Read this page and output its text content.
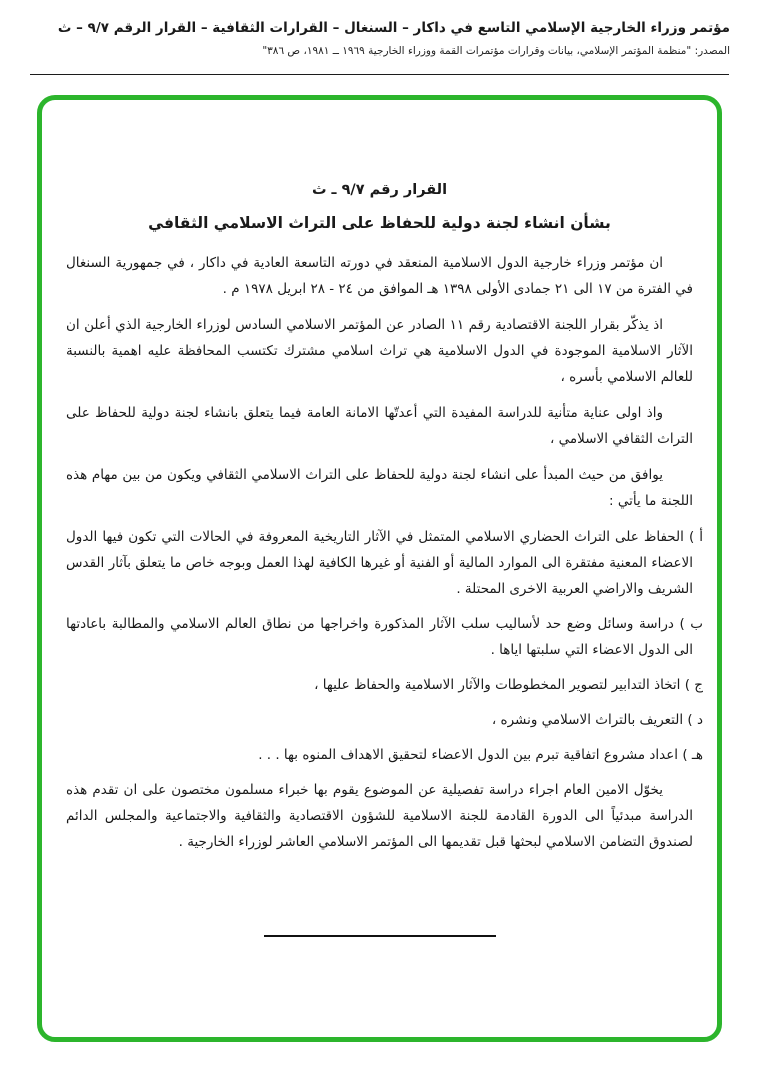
مؤتمر وزراء الخارجية الإسلامي التاسع في داكار – السنغال – القرارات الثقافية – القرار الرقم ٩/٧ – ث
المصدر: "منظمة المؤتمر الإسلامي، بيانات وقرارات مؤتمرات القمة ووزراء الخارجية ١٩٦٩ ــ ١٩٨١، ص ٣٨٦"
القرار رقم ٩/٧ ـ ث
بشأن انشاء لجنة دولية للحفاظ على التراث الاسلامي الثقافي

ان مؤتمر وزراء خارجية الدول الاسلامية المنعقد في دورته التاسعة العادية في داكار ، في جمهورية السنغال في الفترة من ١٧ الى ٢١ جمادى الأولى ١٣٩٨ هـ الموافق من ٢٤ - ٢٨ ابريل ١٩٧٨ م .

اذ يذكّر بقرار اللجنة الاقتصادية رقم ١١ الصادر عن المؤتمر الاسلامي السادس لوزراء الخارجية الذي أعلن ان الآثار الاسلامية الموجودة في الدول الاسلامية هي تراث اسلامي مشترك تكتسب المحافظة عليه اهمية بالنسبة للعالم الاسلامي بأسره ،

واذ اولى عناية متأنية للدراسة المفيدة التي أعدتّها الامانة العامة فيما يتعلق بانشاء لجنة دولية للحفاظ على التراث الثقافي الاسلامي ،

يوافق من حيث المبدأ على انشاء لجنة دولية للحفاظ على التراث الاسلامي الثقافي ويكون من بين مهام هذه اللجنة ما يأتي :

أ ) الحفاظ على التراث الحضاري الاسلامي المتمثل في الآثار التاريخية المعروفة في الحالات التي تكون فيها الدول الاعضاء المعنية مفتقرة الى الموارد المالية أو الفنية أو غيرها الكافية لهذا العمل وبوجه خاص ما يتعلق بآثار القدس الشريف والاراضي العربية الاخرى المحتلة .
ب ) دراسة وسائل وضع حد لأساليب سلب الآثار المذكورة واخراجها من نطاق العالم الاسلامي والمطالبة باعادتها الى الدول الاعضاء التي سلبتها اياها .
ج ) اتخاذ التدابير لتصوير المخطوطات والآثار الاسلامية والحفاظ عليها ،
د ) التعريف بالتراث الاسلامي ونشره ،
هـ ) اعداد مشروع اتفاقية تبرم بين الدول الاعضاء لتحقيق الاهداف المنوه بها . . .

يخوّل الامين العام اجراء دراسة تفصيلية عن الموضوع يقوم بها خبراء مسلمون مختصون على ان تقدم هذه الدراسة مبدئياً الى الدورة القادمة للجنة الاسلامية للشؤون الاقتصادية والثقافية والاجتماعية والمجلس الدائم لصندوق التضامن الاسلامي لبحثها قبل تقديمها الى المؤتمر الاسلامي العاشر لوزراء الخارجية .
